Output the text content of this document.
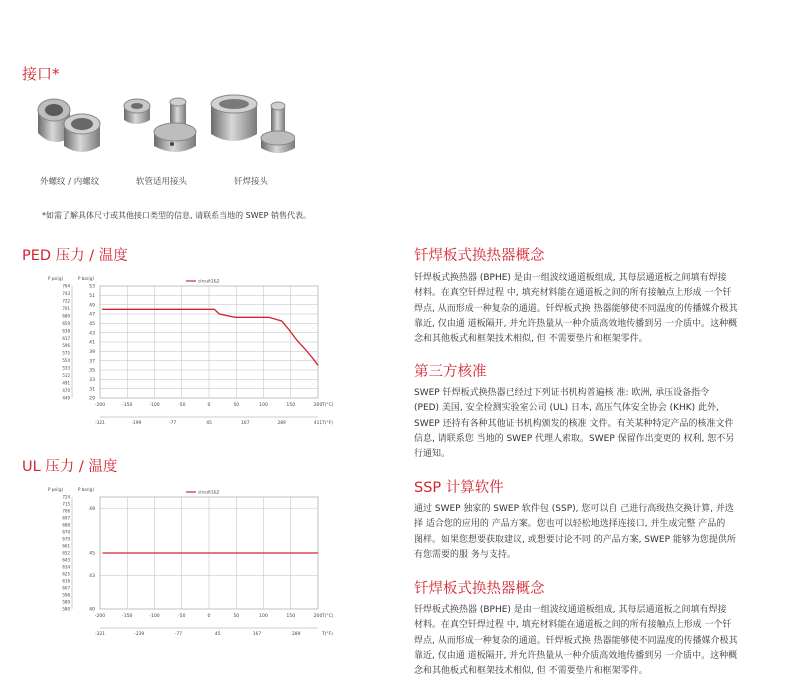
接口*
外螺纹 / 内螺纹	软管适用接头	钎焊接头
*如需了解具体尺寸或其他接口类型的信息, 请联系当地的 SWEP 销售代表。
PED 压力 / 温度
UL 压力 / 温度
-200	-150	-100	-50	0	50	100	150	200
-321	-199	-77	45	167	289	411
T(°C)
T(°F)
53
51
49
47
45
43
41
39
37
35
33
31
29
764
743
722
701
680
659
638
617
596
575
554
533
512
491
470
449
P psi(g)	P bar(g)	circuit1&2
-200	-150	-100	-50	0	50	100	150	200
-321	-239	-77	45	167	289
T(°C)
T(°F)
49
45
43
40
724
715
706
697
688
679
670
661
652
643
634
625
616
607
598
589
580
P psi(g)	P bar(g)	circuit1&2
钎焊板式换热器概念

钎焊板式换热器 (BPHE) 是由一组波纹通道板组成, 其每层通道板之间填有焊接
材料。在真空钎焊过程 中, 填充材料能在通道板之间的所有接触点上形成 一个钎
焊点, 从而形成一种复杂的通道。钎焊板式换 热器能够使不同温度的传播媒介极其
靠近, 仅由通 道板隔开, 并允许热量从一种介质高效地传播到另 一介质中。这种概
念和其他板式和框架技术相似, 但 不需要垫片和框架零件。

第三方核准

SWEP 钎焊板式换热器已经过下列证书机构普遍核 准: 欧洲, 承压设备指令
(PED) 美国, 安全检测实验室公司 (UL) 日本, 高压气体安全协会 (KHK) 此外,
SWEP 还持有各种其他证书机构颁发的核准 文件。有关某种特定产品的核准文件
信息, 请联系您 当地的 SWEP 代理人索取。SWEP 保留作出变更的 权利, 恕不另
行通知。

SSP 计算软件

通过 SWEP 独家的 SWEP 软件包 (SSP), 您可以自 己进行高级热交换计算, 并选
择 适合您的应用的 产品方案。您也可以轻松地选择连接口, 并生成完整 产品的
图样。如果您想要获取建议, 或想要讨论不同 的产品方案, SWEP 能够为您提供所
有您需要的服 务与支持。

钎焊板式换热器概念

钎焊板式换热器 (BPHE) 是由一组波纹通道板组成, 其每层通道板之间填有焊接
材料。在真空钎焊过程 中, 填充材料能在通道板之间的所有接触点上形成 一个钎
焊点, 从而形成一种复杂的通道。钎焊板式换 热器能够使不同温度的传播媒介极其
靠近, 仅由通 道板隔开, 并允许热量从一种介质高效地传播到另 一介质中。这种概
念和其他板式和框架技术相似, 但 不需要垫片和框架零件。
